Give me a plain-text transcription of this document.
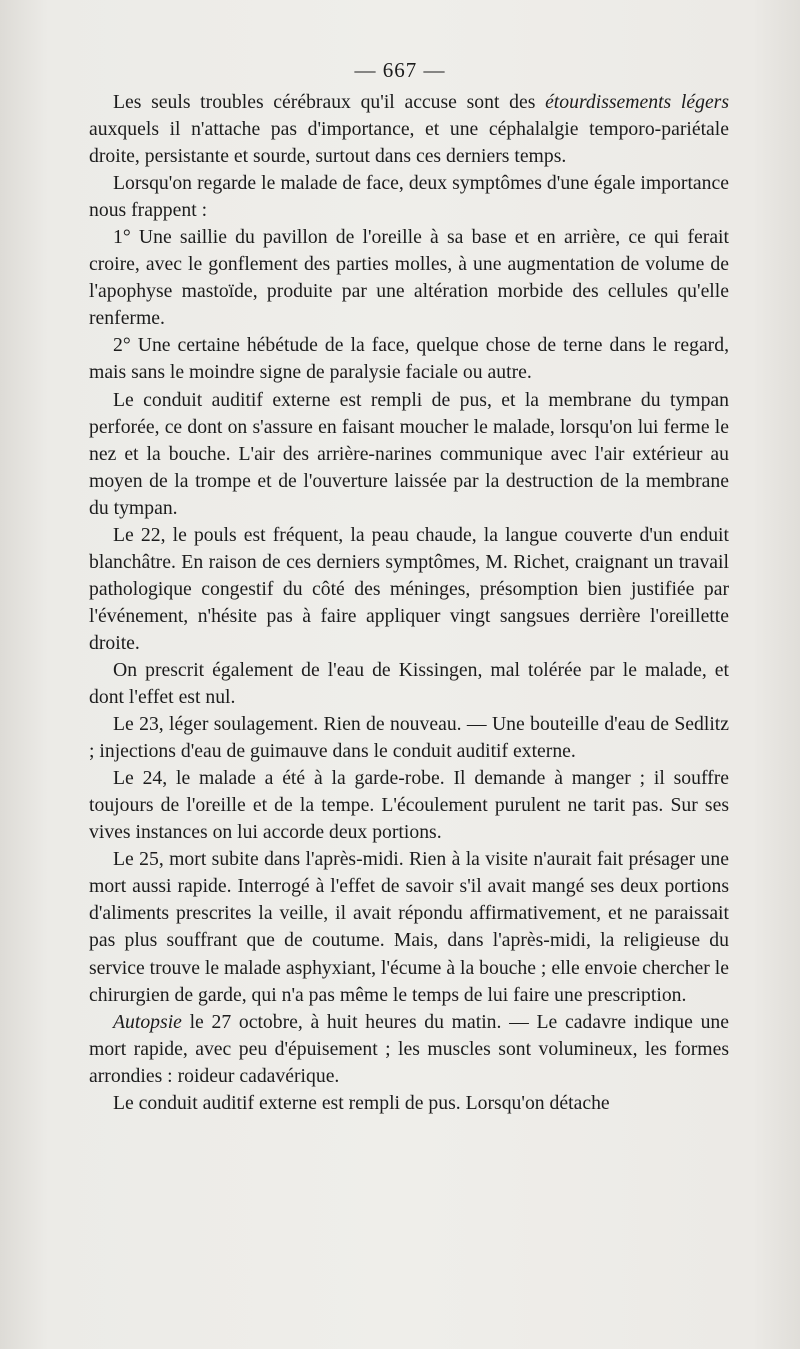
— 667 —

Les seuls troubles cérébraux qu'il accuse sont des étourdissements légers auxquels il n'attache pas d'importance, et une céphalalgie temporo-pariétale droite, persistante et sourde, surtout dans ces derniers temps.

Lorsqu'on regarde le malade de face, deux symptômes d'une égale importance nous frappent :

1° Une saillie du pavillon de l'oreille à sa base et en arrière, ce qui ferait croire, avec le gonflement des parties molles, à une augmentation de volume de l'apophyse mastoïde, produite par une altération morbide des cellules qu'elle renferme.

2° Une certaine hébétude de la face, quelque chose de terne dans le regard, mais sans le moindre signe de paralysie faciale ou autre.

Le conduit auditif externe est rempli de pus, et la membrane du tympan perforée, ce dont on s'assure en faisant moucher le malade, lorsqu'on lui ferme le nez et la bouche. L'air des arrière-narines communique avec l'air extérieur au moyen de la trompe et de l'ouverture laissée par la destruction de la membrane du tympan.

Le 22, le pouls est fréquent, la peau chaude, la langue couverte d'un enduit blanchâtre. En raison de ces derniers symptômes, M. Richet, craignant un travail pathologique congestif du côté des méninges, présomption bien justifiée par l'événement, n'hésite pas à faire appliquer vingt sangsues derrière l'oreillette droite.

On prescrit également de l'eau de Kissingen, mal tolérée par le malade, et dont l'effet est nul.

Le 23, léger soulagement. Rien de nouveau. — Une bouteille d'eau de Sedlitz ; injections d'eau de guimauve dans le conduit auditif externe.

Le 24, le malade a été à la garde-robe. Il demande à manger ; il souffre toujours de l'oreille et de la tempe. L'écoulement purulent ne tarit pas. Sur ses vives instances on lui accorde deux portions.

Le 25, mort subite dans l'après-midi. Rien à la visite n'aurait fait présager une mort aussi rapide. Interrogé à l'effet de savoir s'il avait mangé ses deux portions d'aliments prescrites la veille, il avait répondu affirmativement, et ne paraissait pas plus souffrant que de coutume. Mais, dans l'après-midi, la religieuse du service trouve le malade asphyxiant, l'écume à la bouche ; elle envoie chercher le chirurgien de garde, qui n'a pas même le temps de lui faire une prescription.

Autopsie le 27 octobre, à huit heures du matin. — Le cadavre indique une mort rapide, avec peu d'épuisement ; les muscles sont volumineux, les formes arrondies : roideur cadavérique.

Le conduit auditif externe est rempli de pus. Lorsqu'on détache
